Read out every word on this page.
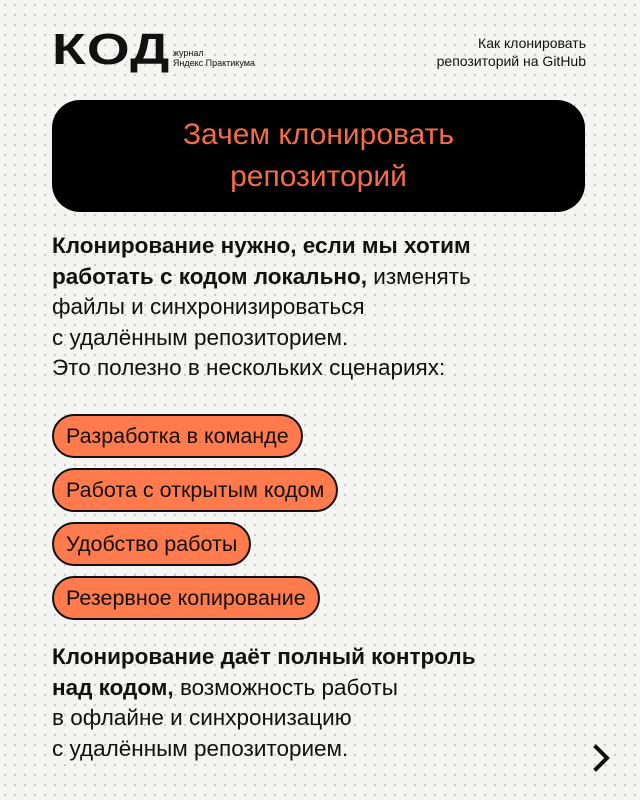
КОД журнал
Яндекс Практикума
Как клонировать
репозиторий на GitHub
Зачем клонировать
репозиторий
Клонирование нужно, если мы хотим
работать с кодом локально, изменять
файлы и синхронизироваться
с удалённым репозиторием.
Это полезно в нескольких сценариях:
Разработка в команде
Работа с открытым кодом
Удобство работы
Резервное копирование
Клонирование даёт полный контроль
над кодом, возможность работы
в офлайне и синхронизацию
с удалённым репозиторием.
